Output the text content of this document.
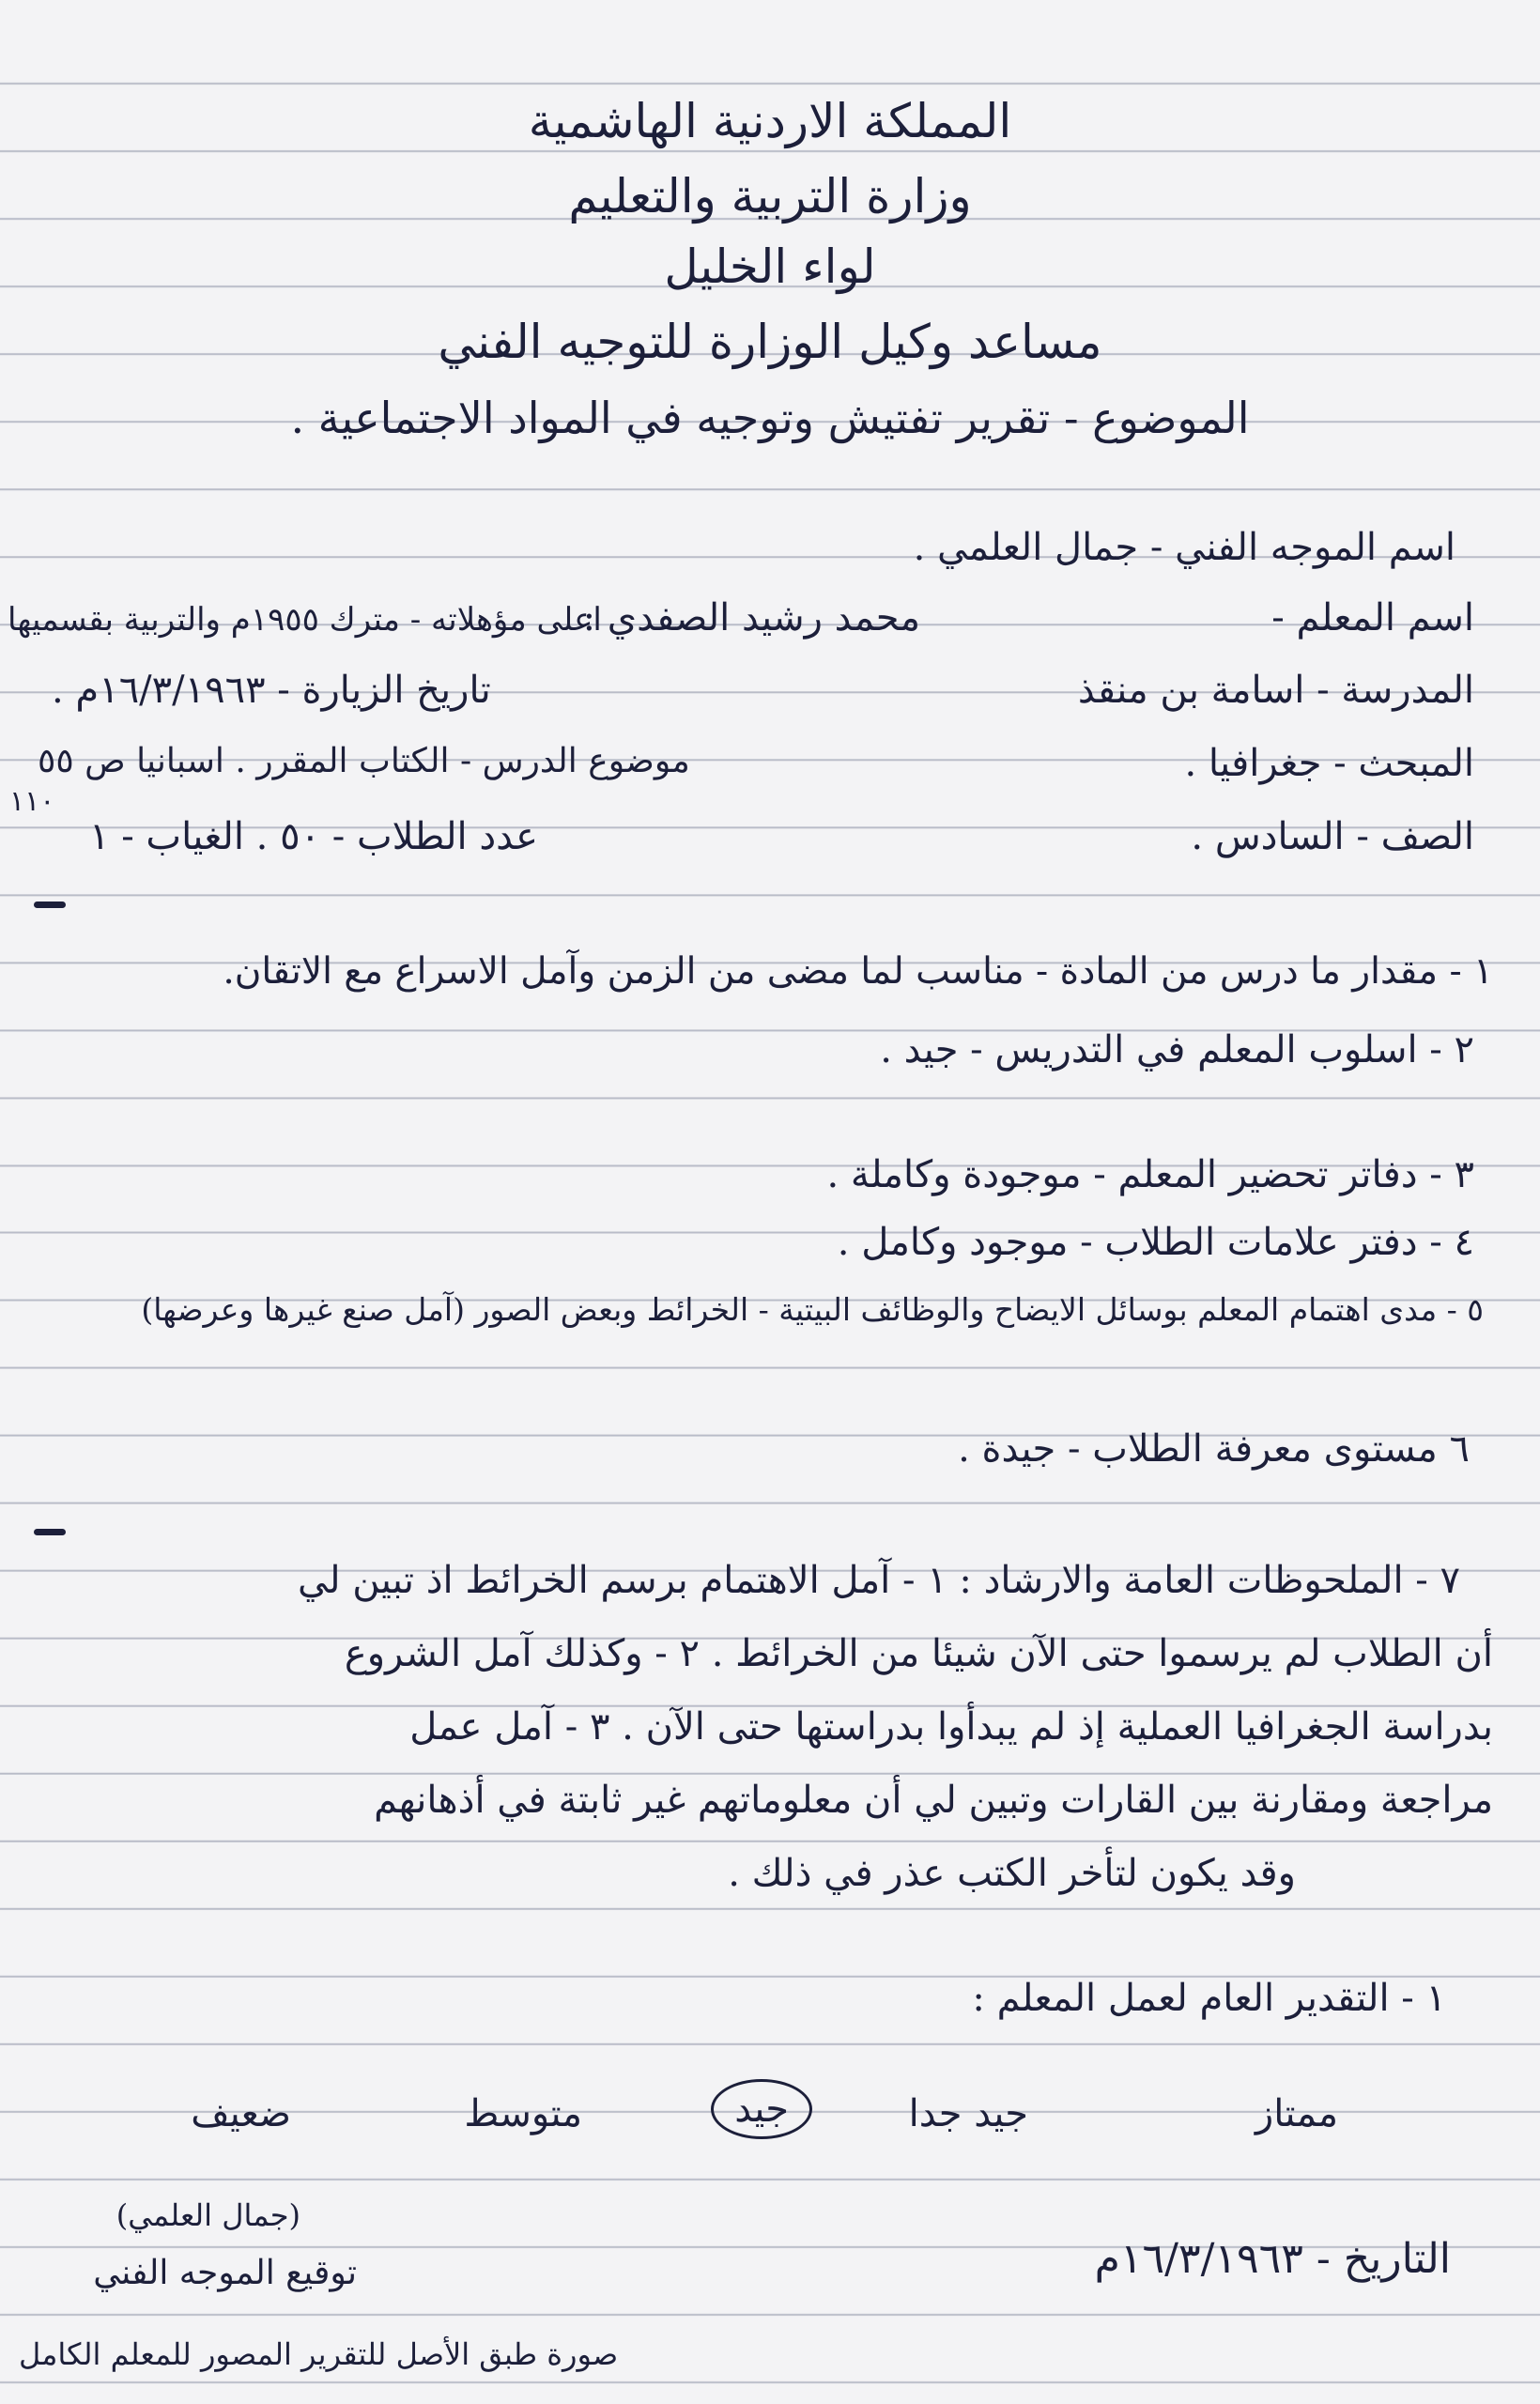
المملكة الاردنية الهاشمية
وزارة التربية والتعليم
لواء الخليل
مساعد وكيل الوزارة للتوجيه الفني
الموضوع - تقرير تفتيش وتوجيه في المواد الاجتماعية .
اسم الموجه الفني - جمال العلمي .
اسم المعلم -
محمد رشيد الصفدي :
اعلى مؤهلاته - مترك ١٩٥٥م والتربية بقسميها
المدرسة - اسامة بن منقذ
تاريخ الزيارة - ١٦/٣/١٩٦٣م .
المبحث - جغرافيا .
موضوع الدرس - الكتاب المقرر . اسبانيا ص ٥٥
١١٠
الصف - السادس .
عدد الطلاب - ٥٠ . الغياب - ١
١ - مقدار ما درس من المادة - مناسب لما مضى من الزمن وآمل الاسراع مع الاتقان.
٢ - اسلوب المعلم في التدريس - جيد .
٣ - دفاتر تحضير المعلم - موجودة وكاملة .
٤ - دفتر علامات الطلاب - موجود وكامل .
٥ - مدى اهتمام المعلم بوسائل الايضاح والوظائف البيتية - الخرائط وبعض الصور (آمل صنع غيرها وعرضها)
٦ مستوى معرفة الطلاب - جيدة .
٧ - الملحوظات العامة والارشاد : ١ - آمل الاهتمام برسم الخرائط اذ تبين لي
أن الطلاب لم يرسموا حتى الآن شيئا من الخرائط . ٢ - وكذلك آمل الشروع
بدراسة الجغرافيا العملية إذ لم يبدأوا بدراستها حتى الآن . ٣ - آمل عمل
مراجعة ومقارنة بين القارات وتبين لي أن معلوماتهم غير ثابتة في أذهانهم
وقد يكون لتأخر الكتب عذر في ذلك .
١ - التقدير العام لعمل المعلم :
ممتاز
جيد جدا
جيد
متوسط
ضعيف
(جمال العلمي)
توقيع الموجه الفني	التاريخ - ١٦/٣/١٩٦٣م
صورة طبق الأصل للتقرير المصور للمعلم الكامل
